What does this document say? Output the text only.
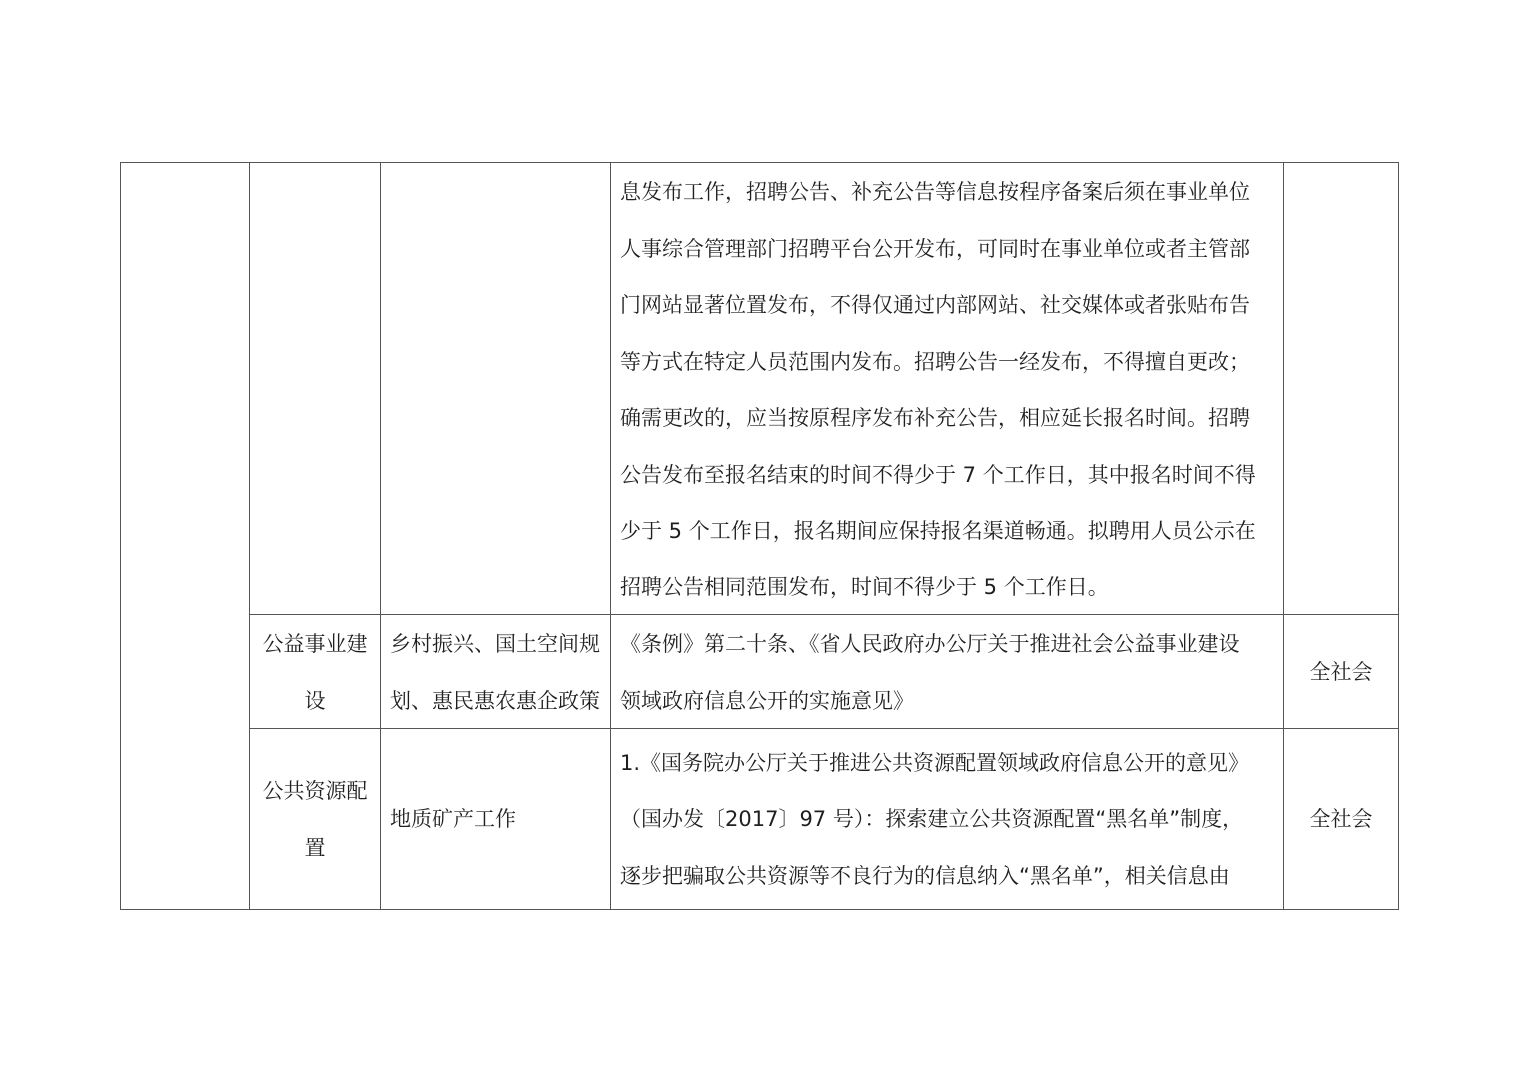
息发布工作，招聘公告、补充公告等信息按程序备案后须在事业单位
人事综合管理部门招聘平台公开发布，可同时在事业单位或者主管部
门网站显著位置发布，不得仅通过内部网站、社交媒体或者张贴布告
等方式在特定人员范围内发布。招聘公告一经发布，不得擅自更改；
确需更改的，应当按原程序发布补充公告，相应延长报名时间。招聘
公告发布至报名结束的时间不得少于 7 个工作日，其中报名时间不得
少于 5 个工作日，报名期间应保持报名渠道畅通。拟聘用人员公示在
招聘公告相同范围发布，时间不得少于 5 个工作日。
公益事业建
设
乡村振兴、国土空间规
划、惠民惠农惠企政策
《条例》第二十条、《省人民政府办公厅关于推进社会公益事业建设
领域政府信息公开的实施意见》
全社会
公共资源配
置
地质矿产工作
1.《国务院办公厅关于推进公共资源配置领域政府信息公开的意见》
（国办发〔2017〕97 号）：探索建立公共资源配置“黑名单”制度，
逐步把骗取公共资源等不良行为的信息纳入“黑名单”，相关信息由
全社会
